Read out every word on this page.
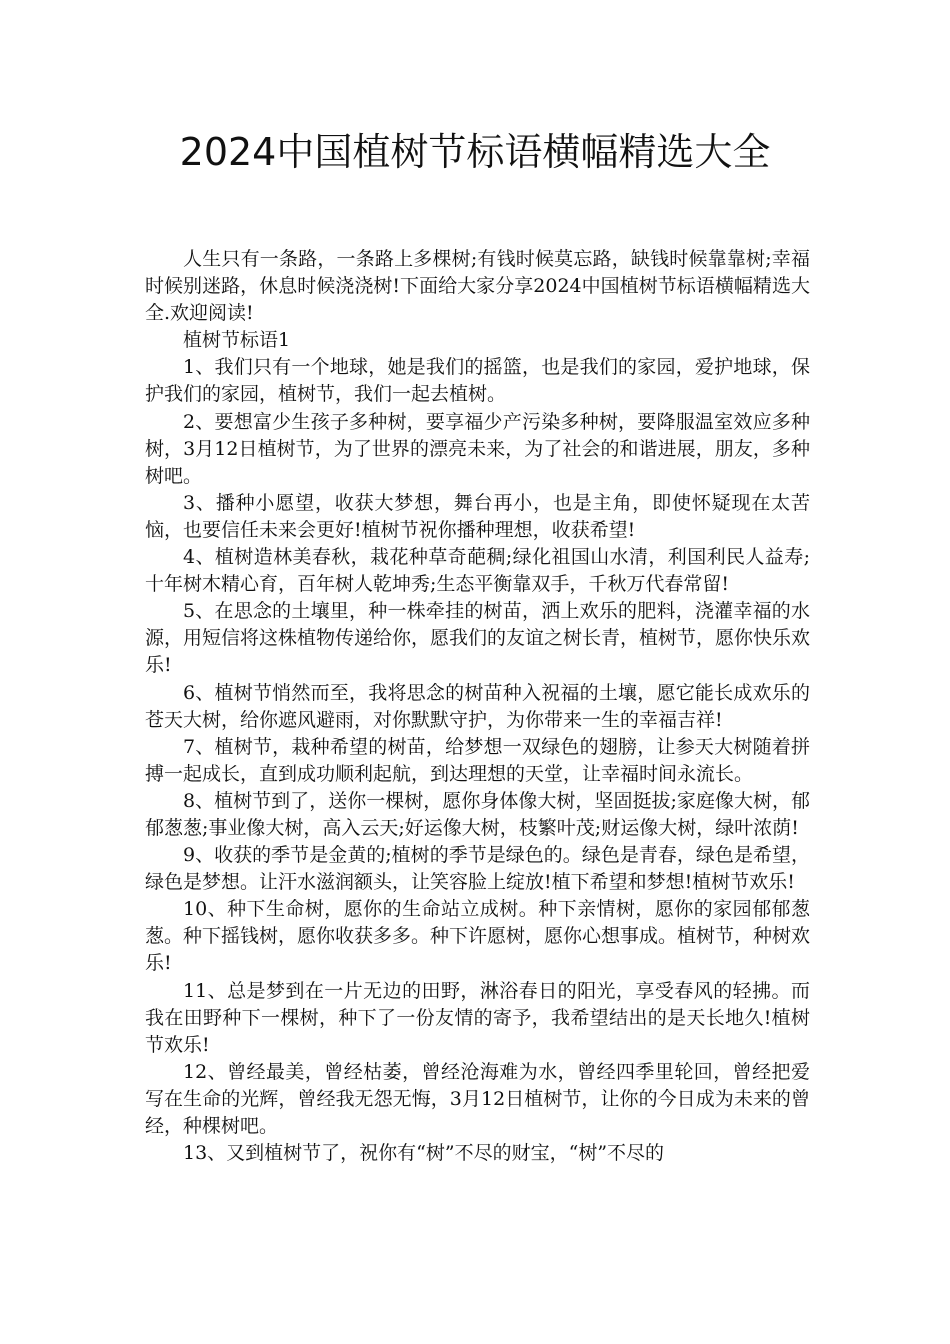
2024中国植树节标语横幅精选大全

人生只有一条路，一条路上多棵树;有钱时候莫忘路，缺钱时候靠靠树;幸福时候别迷路，休息时候浇浇树!下面给大家分享2024中国植树节标语横幅精选大全.欢迎阅读!

植树节标语1

1、我们只有一个地球，她是我们的摇篮，也是我们的家园，爱护地球，保护我们的家园，植树节，我们一起去植树。

2、要想富少生孩子多种树，要享福少产污染多种树，要降服温室效应多种树，3月12日植树节，为了世界的漂亮未来，为了社会的和谐进展，朋友，多种树吧。

3、播种小愿望，收获大梦想，舞台再小，也是主角，即使怀疑现在太苦恼，也要信任未来会更好!植树节祝你播种理想，收获希望!

4、植树造林美春秋，栽花种草奇葩稠;绿化祖国山水清，利国利民人益寿;十年树木精心育，百年树人乾坤秀;生态平衡靠双手，千秋万代春常留!

5、在思念的土壤里，种一株牵挂的树苗，洒上欢乐的肥料，浇灌幸福的水源，用短信将这株植物传递给你，愿我们的友谊之树长青，植树节，愿你快乐欢乐!

6、植树节悄然而至，我将思念的树苗种入祝福的土壤，愿它能长成欢乐的苍天大树，给你遮风避雨，对你默默守护，为你带来一生的幸福吉祥!

7、植树节，栽种希望的树苗，给梦想一双绿色的翅膀，让参天大树随着拼搏一起成长，直到成功顺利起航，到达理想的天堂，让幸福时间永流长。

8、植树节到了，送你一棵树，愿你身体像大树，坚固挺拔;家庭像大树，郁郁葱葱;事业像大树，高入云天;好运像大树，枝繁叶茂;财运像大树，绿叶浓荫!

9、收获的季节是金黄的;植树的季节是绿色的。绿色是青春，绿色是希望，绿色是梦想。让汗水滋润额头，让笑容脸上绽放!植下希望和梦想!植树节欢乐!

10、种下生命树，愿你的生命站立成树。种下亲情树，愿你的家园郁郁葱葱。种下摇钱树，愿你收获多多。种下许愿树，愿你心想事成。植树节，种树欢乐!

11、总是梦到在一片无边的田野，淋浴春日的阳光，享受春风的轻拂。而我在田野种下一棵树，种下了一份友情的寄予，我希望结出的是天长地久!植树节欢乐!

12、曾经最美，曾经枯萎，曾经沧海难为水，曾经四季里轮回，曾经把爱写在生命的光辉，曾经我无怨无悔，3月12日植树节，让你的今日成为未来的曾经，种棵树吧。

13、又到植树节了，祝你有“树”不尽的财宝，“树”不尽的
